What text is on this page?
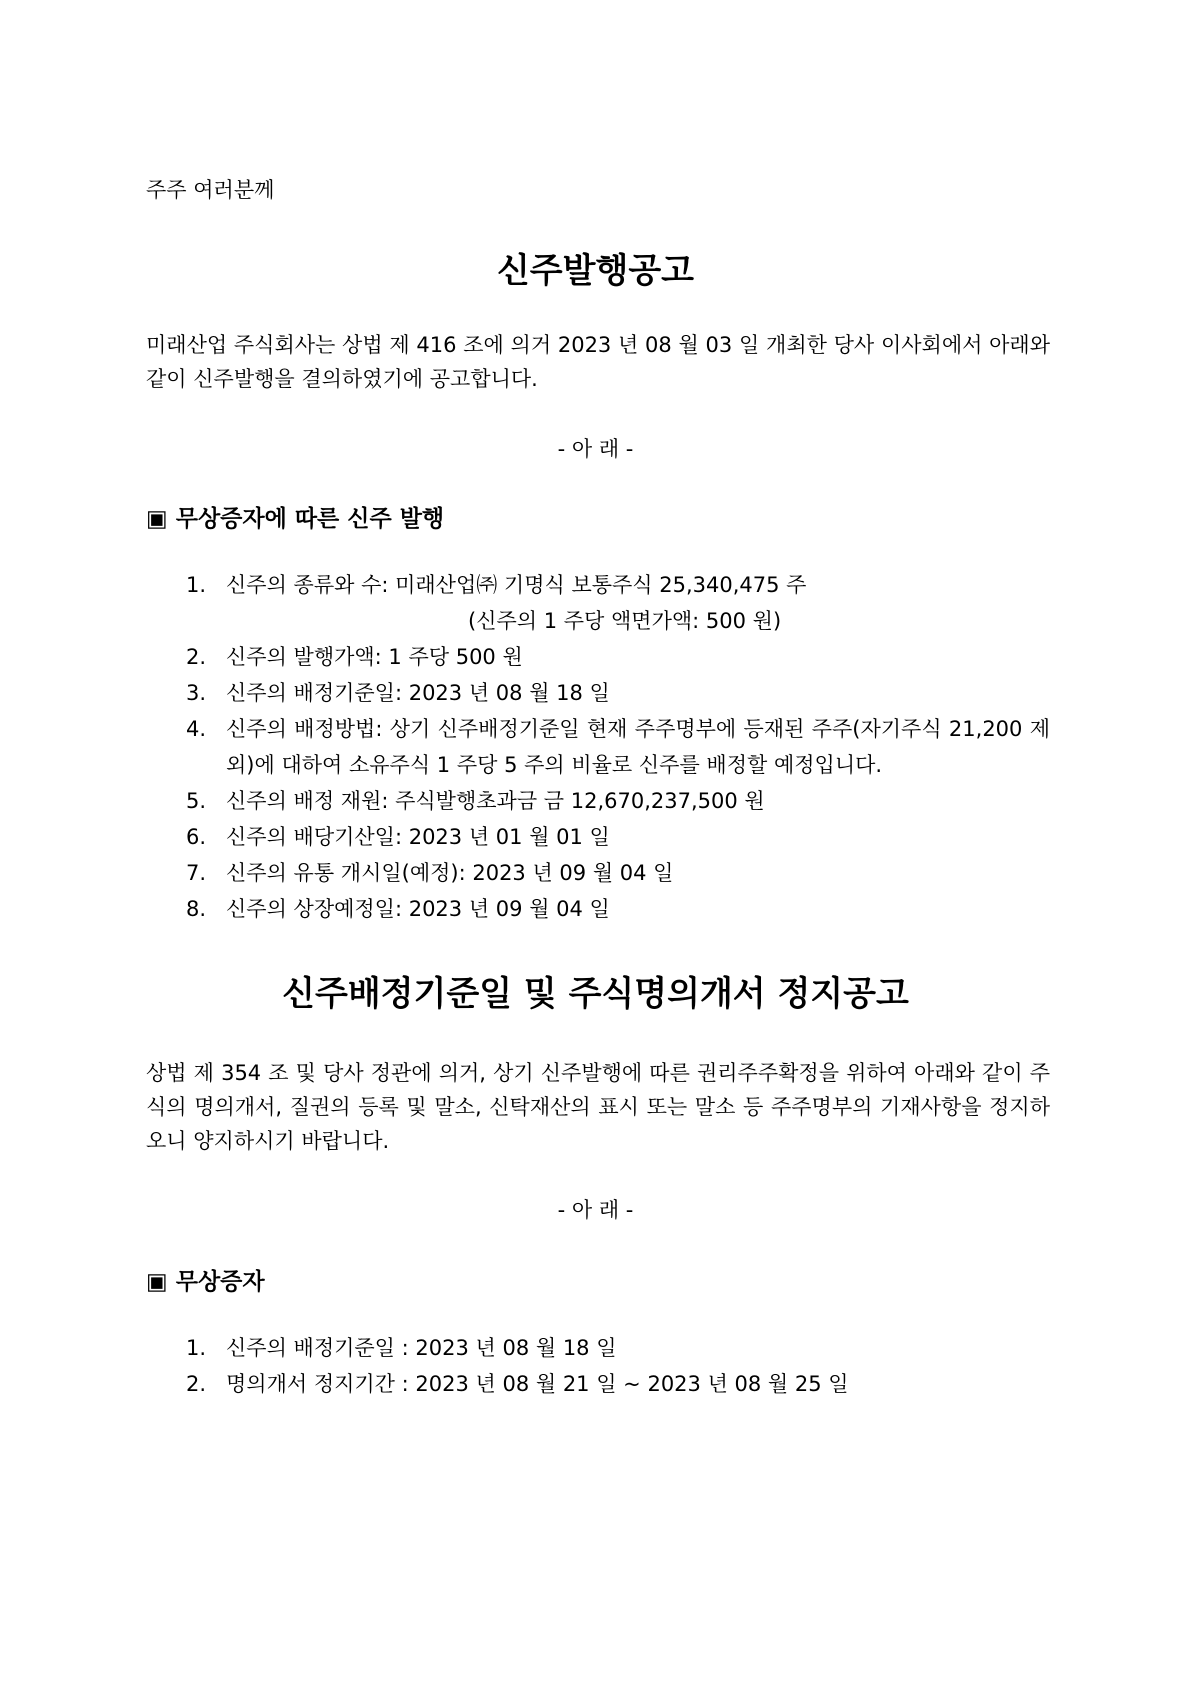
주주 여러분께
신주발행공고
미래산업 주식회사는 상법 제 416 조에 의거 2023 년 08 월 03 일 개최한 당사 이사회에서 아래와 같이 신주발행을 결의하였기에 공고합니다.
- 아 래 -
▣ 무상증자에 따른 신주 발행
1. 신주의 종류와 수: 미래산업㈜ 기명식 보통주식 25,340,475 주
(신주의 1 주당 액면가액: 500 원)
2. 신주의 발행가액: 1 주당 500 원
3. 신주의 배정기준일: 2023 년 08 월 18 일
4. 신주의 배정방법: 상기 신주배정기준일 현재 주주명부에 등재된 주주(자기주식 21,200 제외)에 대하여 소유주식 1 주당 5 주의 비율로 신주를 배정할 예정입니다.
5. 신주의 배정 재원: 주식발행초과금 금 12,670,237,500 원
6. 신주의 배당기산일: 2023 년 01 월 01 일
7. 신주의 유통 개시일(예정): 2023 년 09 월 04 일
8. 신주의 상장예정일: 2023 년 09 월 04 일
신주배정기준일 및 주식명의개서 정지공고
상법 제 354 조 및 당사 정관에 의거, 상기 신주발행에 따른 권리주주확정을 위하여 아래와 같이 주식의 명의개서, 질권의 등록 및 말소, 신탁재산의 표시 또는 말소 등 주주명부의 기재사항을 정지하오니 양지하시기 바랍니다.
- 아 래 -
▣ 무상증자
1. 신주의 배정기준일 : 2023 년 08 월 18 일
2. 명의개서 정지기간 : 2023 년 08 월 21 일 ~ 2023 년 08 월 25 일
